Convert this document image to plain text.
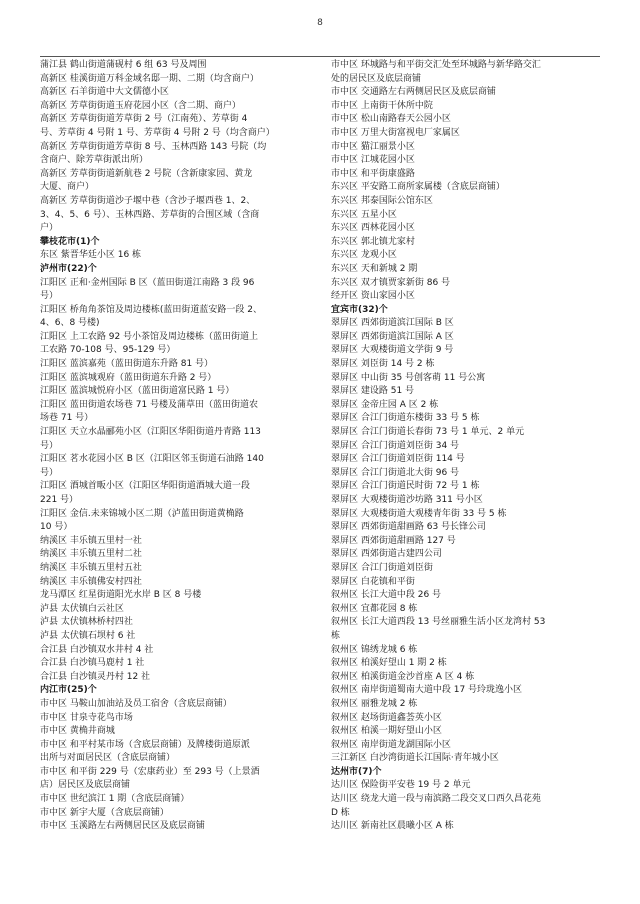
8
蒲江县 鹤山街道蒲砚村 6 组 63 号及周围
高新区 桂溪街道万科金域名邸一期、二期（均含商户）
高新区 石羊街道中大文儒德小区
高新区 芳草街街道玉府花园小区（含二期、商户）
高新区 芳草街街道芳草街 2 号（江南苑）、芳草街 4
号、芳草街 4 号附 1 号、芳草街 4 号附 2 号（均含商户）
高新区 芳草街街道芳草街 8 号、玉林西路 143 号院（均
含商户、除芳草街派出所）
高新区 芳草街街道新航巷 2 号院（含新康家园、黄龙
大厦、商户）
高新区 芳草街街道沙子堰中巷（含沙子堰西巷 1、2、
3、4、5、6 号）、玉林西路、芳草街的合围区域（含商
户）
攀枝花市(1)个
东区 紫晋华廷小区 16 栋
泸州市(22)个
江阳区 正和·金州国际 B 区（蓝田街道江南路 3 段 96
号）
江阳区 桥角角茶馆及周边楼栋(蓝田街道蓝安路一段 2、
4、6、8 号楼)
江阳区 上工农路 92 号小茶馆及周边楼栋（蓝田街道上
工农路 70-108 号、95-129 号）
江阳区 蓝滨嘉苑（蓝田街道东升路 81 号）
江阳区 蓝滨城观府（蓝田街道东升路 2 号）
江阳区 蓝滨城悦府小区（蓝田街道富民路 1 号）
江阳区 蓝田街道农场巷 71 号楼及蒲草田（蓝田街道农
场巷 71 号）
江阳区 天立水晶郦苑小区（江阳区华阳街道丹青路 113
号）
江阳区 茗水花园小区 B 区（江阳区邻玉街道石油路 140
号）
江阳区 酒城首畈小区（江阳区华阳街道酒城大道一段
221 号）
江阳区 金信.未来锦城小区二期（泸蓝田街道黄桷路
10 号）
纳溪区 丰乐镇五里村一社
纳溪区 丰乐镇五里村二社
纳溪区 丰乐镇五里村五社
纳溪区 丰乐镇佛安村四社
龙马潭区 红星街道阳光水岸 B 区 8 号楼
泸县 太伏镇白云社区
泸县 太伏镇林桥村四社
泸县 太伏镇石坝村 6 社
合江县 白沙镇双水井村 4 社
合江县 白沙镇马鹿村 1 社
合江县 白沙镇灵丹村 12 社
内江市(25)个
市中区 马鞍山加油站及员工宿舍（含底层商铺）
市中区 甘泉寺花鸟市场
市中区 黄桷井商城
市中区 和平村某市场（含底层商铺）及牌楼街道原派
出所与对面居民区（含底层商铺）
市中区 和平街 229 号（宏康药业）至 293 号（上景酒
店）居民区及底层商铺
市中区 世纪滨江 1 期（含底层商铺）
市中区 新宇大厦（含底层商铺）
市中区 玉溪路左右两侧居民区及底层商铺
市中区 环城路与和平街交汇处至环城路与新华路交汇
处的居民区及底层商铺
市中区 交通路左右两侧居民区及底层商铺
市中区 上南街干休所中院
市中区 松山南路春天公园小区
市中区 万里大街富视电厂家属区
市中区 猫江丽景小区
市中区 江城花园小区
市中区 和平街康盛路
东兴区 平安路工商所家属楼（含底层商铺）
东兴区 邦泰国际公馆东区
东兴区 五星小区
东兴区 西林花园小区
东兴区 郭北镇尤家村
东兴区 龙观小区
东兴区 天和新城 2 期
东兴区 双才镇贾家新街 86 号
经开区 资山家园小区
宜宾市(32)个
翠屏区 西郊街道滨江国际 B 区
翠屏区 西郊街道滨江国际 A 区
翠屏区 大观楼街道文学街 9 号
翠屏区 刘臣街 14 号 2 栋
翠屏区 中山街 35 号创客萌 11 号公寓
翠屏区 建设路 51 号
翠屏区 金帝庄园 A 区 2 栋
翠屏区 合江门街道东楼街 33 号 5 栋
翠屏区 合江门街道长春街 73 号 1 单元、2 单元
翠屏区 合江门街道刘臣街 34 号
翠屏区 合江门街道刘臣街 114 号
翠屏区 合江门街道北大街 96 号
翠屏区 合江门街道民时街 72 号 1 栋
翠屏区 大观楼街道沙坊路 311 号小区
翠屏区 大观楼街道大观楼青年街 33 号 5 栋
翠屏区 西郊街道甜画路 63 号长锋公司
翠屏区 西郊街道甜画路 127 号
翠屏区 西郊街道古建四公司
翠屏区 合江门街道刘臣街
翠屏区 白花镇和平街
叙州区 长江大道中段 26 号
叙州区 宜都花园 8 栋
叙州区 长江大道西段 13 号丝丽雅生活小区龙湾村 53
栋
叙州区 锦绣龙城 6 栋
叙州区 柏溪好望山 1 期 2 栋
叙州区 柏溪街道金沙首座 A 区 4 栋
叙州区 南岸街道蜀南大道中段 17 号玲珑逸小区
叙州区 丽雅龙城 2 栋
叙州区 赵场街道鑫荟英小区
叙州区 柏溪一期好望山小区
叙州区 南岸街道龙湖国际小区
三江新区 白沙湾街道长江国际·青年城小区
达州市(7)个
达川区 保险街平安巷 19 号 2 单元
达川区 绕龙大道一段与南滨路二段交叉口西久昌花苑
D 栋
达川区 新南社区晨曦小区 A 栋
